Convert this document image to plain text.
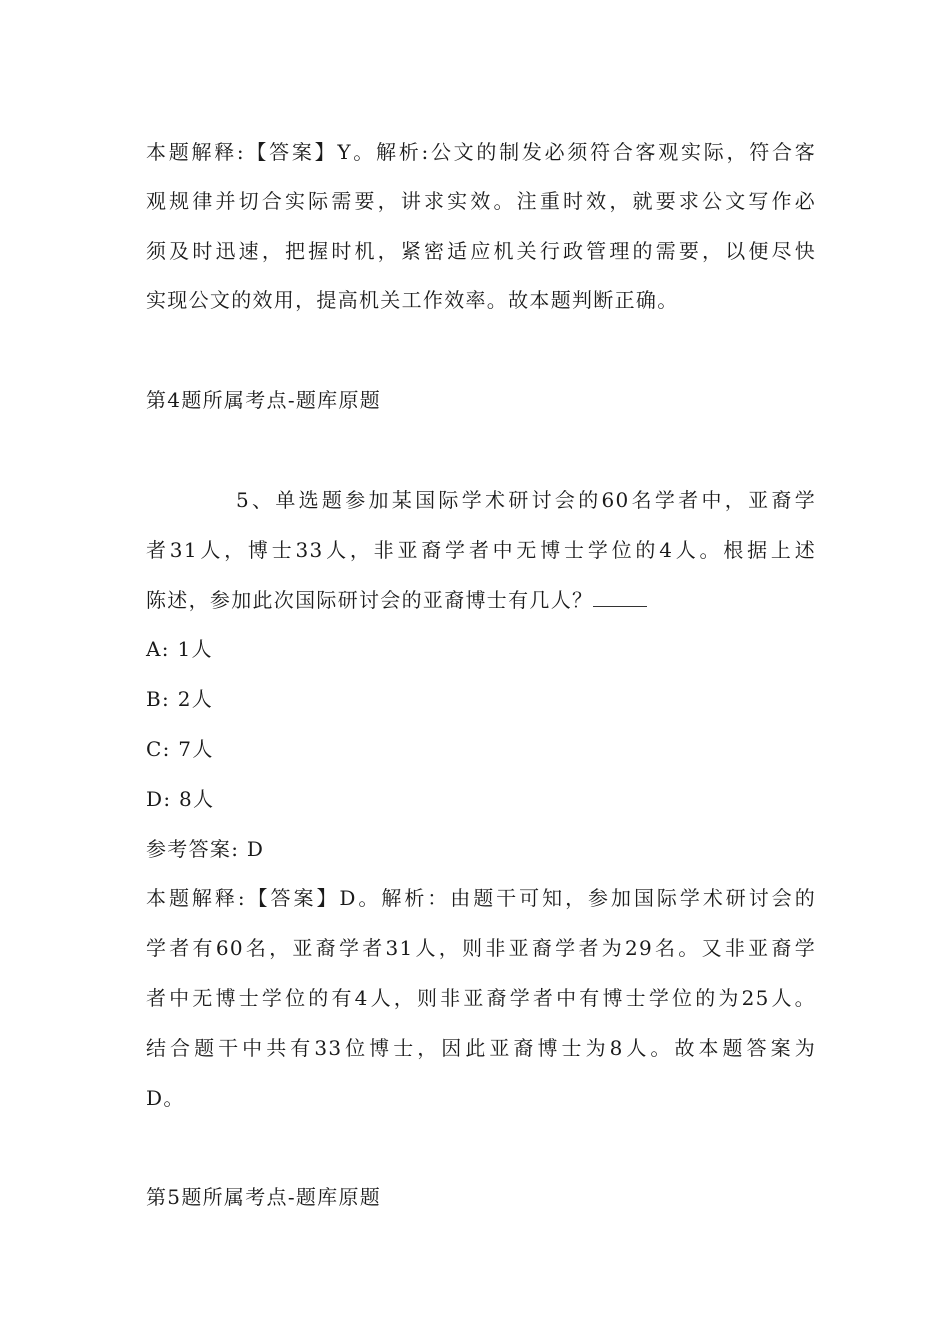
本题解释:【答案】Y。解析:公文的制发必须符合客观实际，符合客
观规律并切合实际需要，讲求实效。注重时效，就要求公文写作必
须及时迅速，把握时机，紧密适应机关行政管理的需要，以便尽快
实现公文的效用，提高机关工作效率。故本题判断正确。
第4题所属考点-题库原题
5、单选题参加某国际学术研讨会的60名学者中，亚裔学
者31人，博士33人，非亚裔学者中无博士学位的4人。根据上述
陈述，参加此次国际研讨会的亚裔博士有几人？
A: 1人
B: 2人
C: 7人
D: 8人
参考答案: D
本题解释:【答案】D。解析：由题干可知，参加国际学术研讨会的
学者有60名，亚裔学者31人，则非亚裔学者为29名。又非亚裔学
者中无博士学位的有4人，则非亚裔学者中有博士学位的为25人。
结合题干中共有33位博士，因此亚裔博士为8人。故本题答案为
D。
第5题所属考点-题库原题
